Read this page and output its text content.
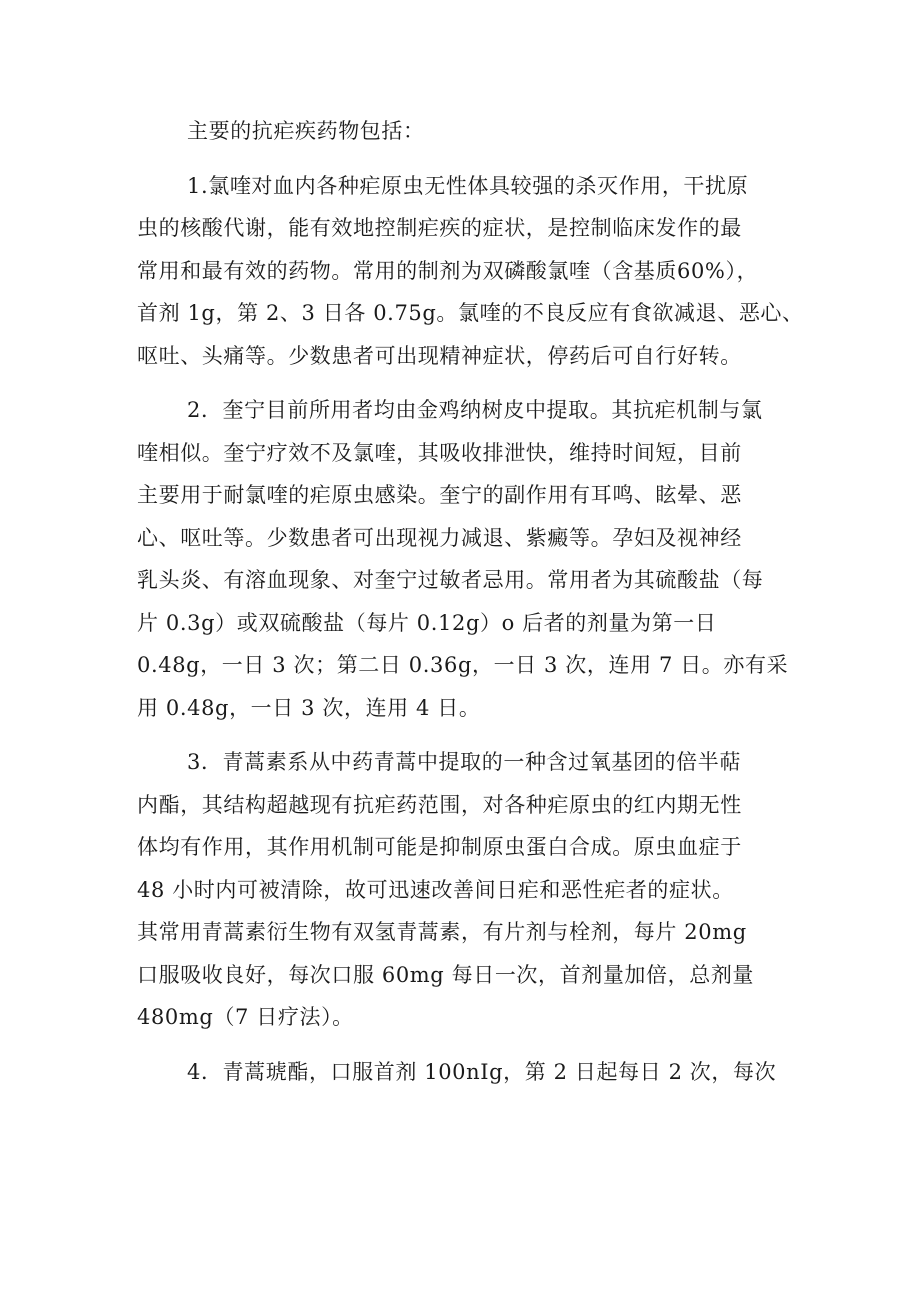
主要的抗疟疾药物包括：
1.氯喹对血内各种疟原虫无性体具较强的杀灭作用，干扰原
虫的核酸代谢，能有效地控制疟疾的症状，是控制临床发作的最
常用和最有效的药物。常用的制剂为双磷酸氯喹（含基质60%），
首剂 1g，第 2、3 日各 0.75g。氯喹的不良反应有食欲减退、恶心、
呕吐、头痛等。少数患者可出现精神症状，停药后可自行好转。
2．奎宁目前所用者均由金鸡纳树皮中提取。其抗疟机制与氯
喹相似。奎宁疗效不及氯喹，其吸收排泄快，维持时间短，目前
主要用于耐氯喹的疟原虫感染。奎宁的副作用有耳鸣、眩晕、恶
心、呕吐等。少数患者可出现视力减退、紫癜等。孕妇及视神经
乳头炎、有溶血现象、对奎宁过敏者忌用。常用者为其硫酸盐（每
片 0.3g）或双硫酸盐（每片 0.12g）o 后者的剂量为第一日
0.48g，一日 3 次；第二日 0.36g，一日 3 次，连用 7 日。亦有采
用 0.48g，一日 3 次，连用 4 日。
3．青蒿素系从中药青蒿中提取的一种含过氧基团的倍半萜
内酯，其结构超越现有抗疟药范围，对各种疟原虫的红内期无性
体均有作用，其作用机制可能是抑制原虫蛋白合成。原虫血症于
48 小时内可被清除，故可迅速改善间日疟和恶性疟者的症状。
其常用青蒿素衍生物有双氢青蒿素，有片剂与栓剂，每片 20mg
口服吸收良好，每次口服 60mg 每日一次，首剂量加倍，总剂量
480mg（7 日疗法）。
4．青蒿琥酯，口服首剂 100nIg，第 2 日起每日 2 次，每次
